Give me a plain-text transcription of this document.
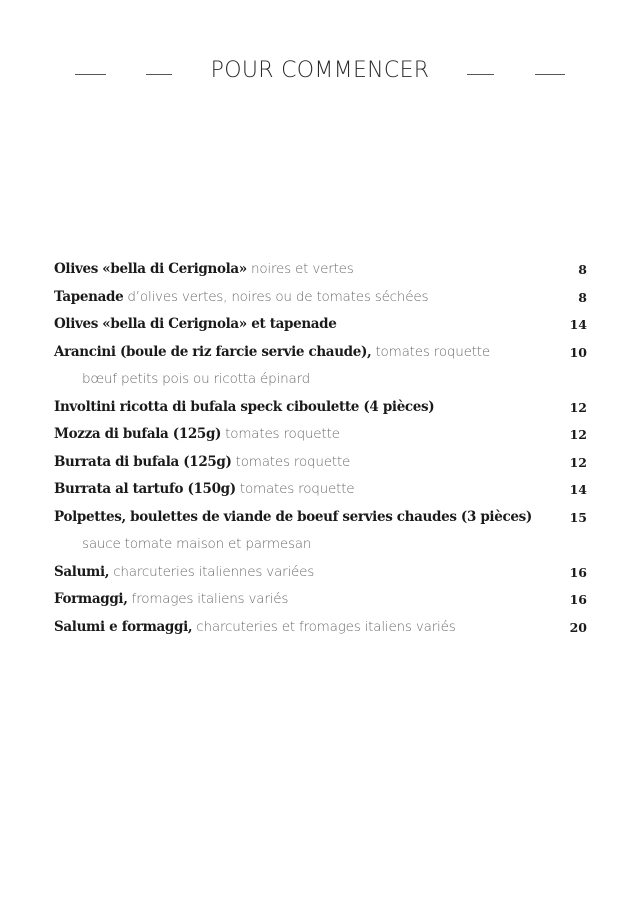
POUR COMMENCER
Olives «bella di Cerignola» noires et vertes	8
Tapenade d’olives vertes, noires ou de tomates séchées	8
Olives «bella di Cerignola» et tapenade	14
Arancini (boule de riz farcie servie chaude), tomates roquette	10
bœuf petits pois ou ricotta épinard
Involtini ricotta di bufala speck ciboulette (4 pièces)	12
Mozza di bufala (125g) tomates roquette	12
Burrata di bufala (125g) tomates roquette	12
Burrata al tartufo (150g) tomates roquette	14
Polpettes, boulettes de viande de boeuf servies chaudes (3 pièces)	15
sauce tomate maison et parmesan
Salumi, charcuteries italiennes variées	16
Formaggi, fromages italiens variés	16
Salumi e formaggi, charcuteries et fromages italiens variés	20
